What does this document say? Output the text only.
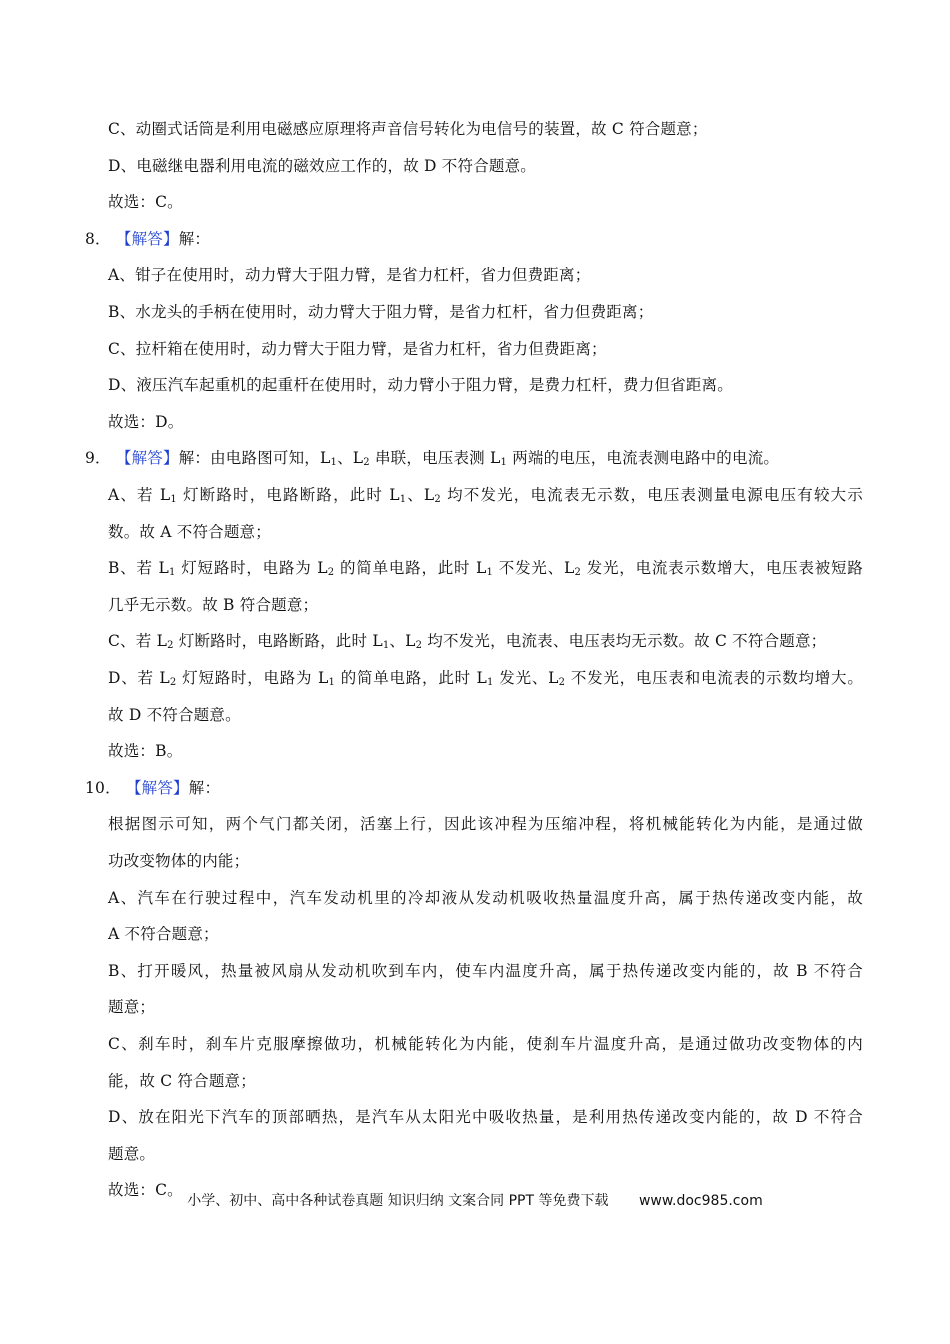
C、动圈式话筒是利用电磁感应原理将声音信号转化为电信号的装置，故 C 符合题意；
D、电磁继电器利用电流的磁效应工作的，故 D 不符合题意。
故选：C。
8． 【解答】解：
A、钳子在使用时，动力臂大于阻力臂，是省力杠杆，省力但费距离；
B、水龙头的手柄在使用时，动力臂大于阻力臂，是省力杠杆，省力但费距离；
C、拉杆箱在使用时，动力臂大于阻力臂，是省力杠杆，省力但费距离；
D、液压汽车起重机的起重杆在使用时，动力臂小于阻力臂，是费力杠杆，费力但省距离。
故选：D。
9． 【解答】解：由电路图可知，$L_1$、$L_2$ 串联，电压表测 $L_1$ 两端的电压，电流表测电路中的电流。
A、若 $L_1$ 灯断路时，电路断路，此时 $L_1$、$L_2$ 均不发光，电流表无示数，电压表测量电源电压有较大示
数。故 A 不符合题意；
B、若 $L_1$ 灯短路时，电路为 $L_2$ 的简单电路，此时 $L_1$ 不发光、$L_2$ 发光，电流表示数增大，电压表被短路
几乎无示数。故 B 符合题意；
C、若 $L_2$ 灯断路时，电路断路，此时 $L_1$、$L_2$ 均不发光，电流表、电压表均无示数。故 C 不符合题意；
D、若 $L_2$ 灯短路时，电路为 $L_1$ 的简单电路，此时 $L_1$ 发光、$L_2$ 不发光，电压表和电流表的示数均增大。
故 D 不符合题意。
故选：B。
10． 【解答】解：
根据图示可知，两个气门都关闭，活塞上行，因此该冲程为压缩冲程，将机械能转化为内能，是通过做
功改变物体的内能；
A、汽车在行驶过程中，汽车发动机里的冷却液从发动机吸收热量温度升高，属于热传递改变内能，故
A 不符合题意；
B、打开暖风，热量被风扇从发动机吹到车内，使车内温度升高，属于热传递改变内能的，故 B 不符合
题意；
C、刹车时，刹车片克服摩擦做功，机械能转化为内能，使刹车片温度升高，是通过做功改变物体的内
能，故 C 符合题意；
D、放在阳光下汽车的顶部晒热，是汽车从太阳光中吸收热量，是利用热传递改变内能的，故 D 不符合
题意。
故选：C。
小学、初中、高中各种试卷真题 知识归纳 文案合同 PPT 等免费下载 www.doc985.com
